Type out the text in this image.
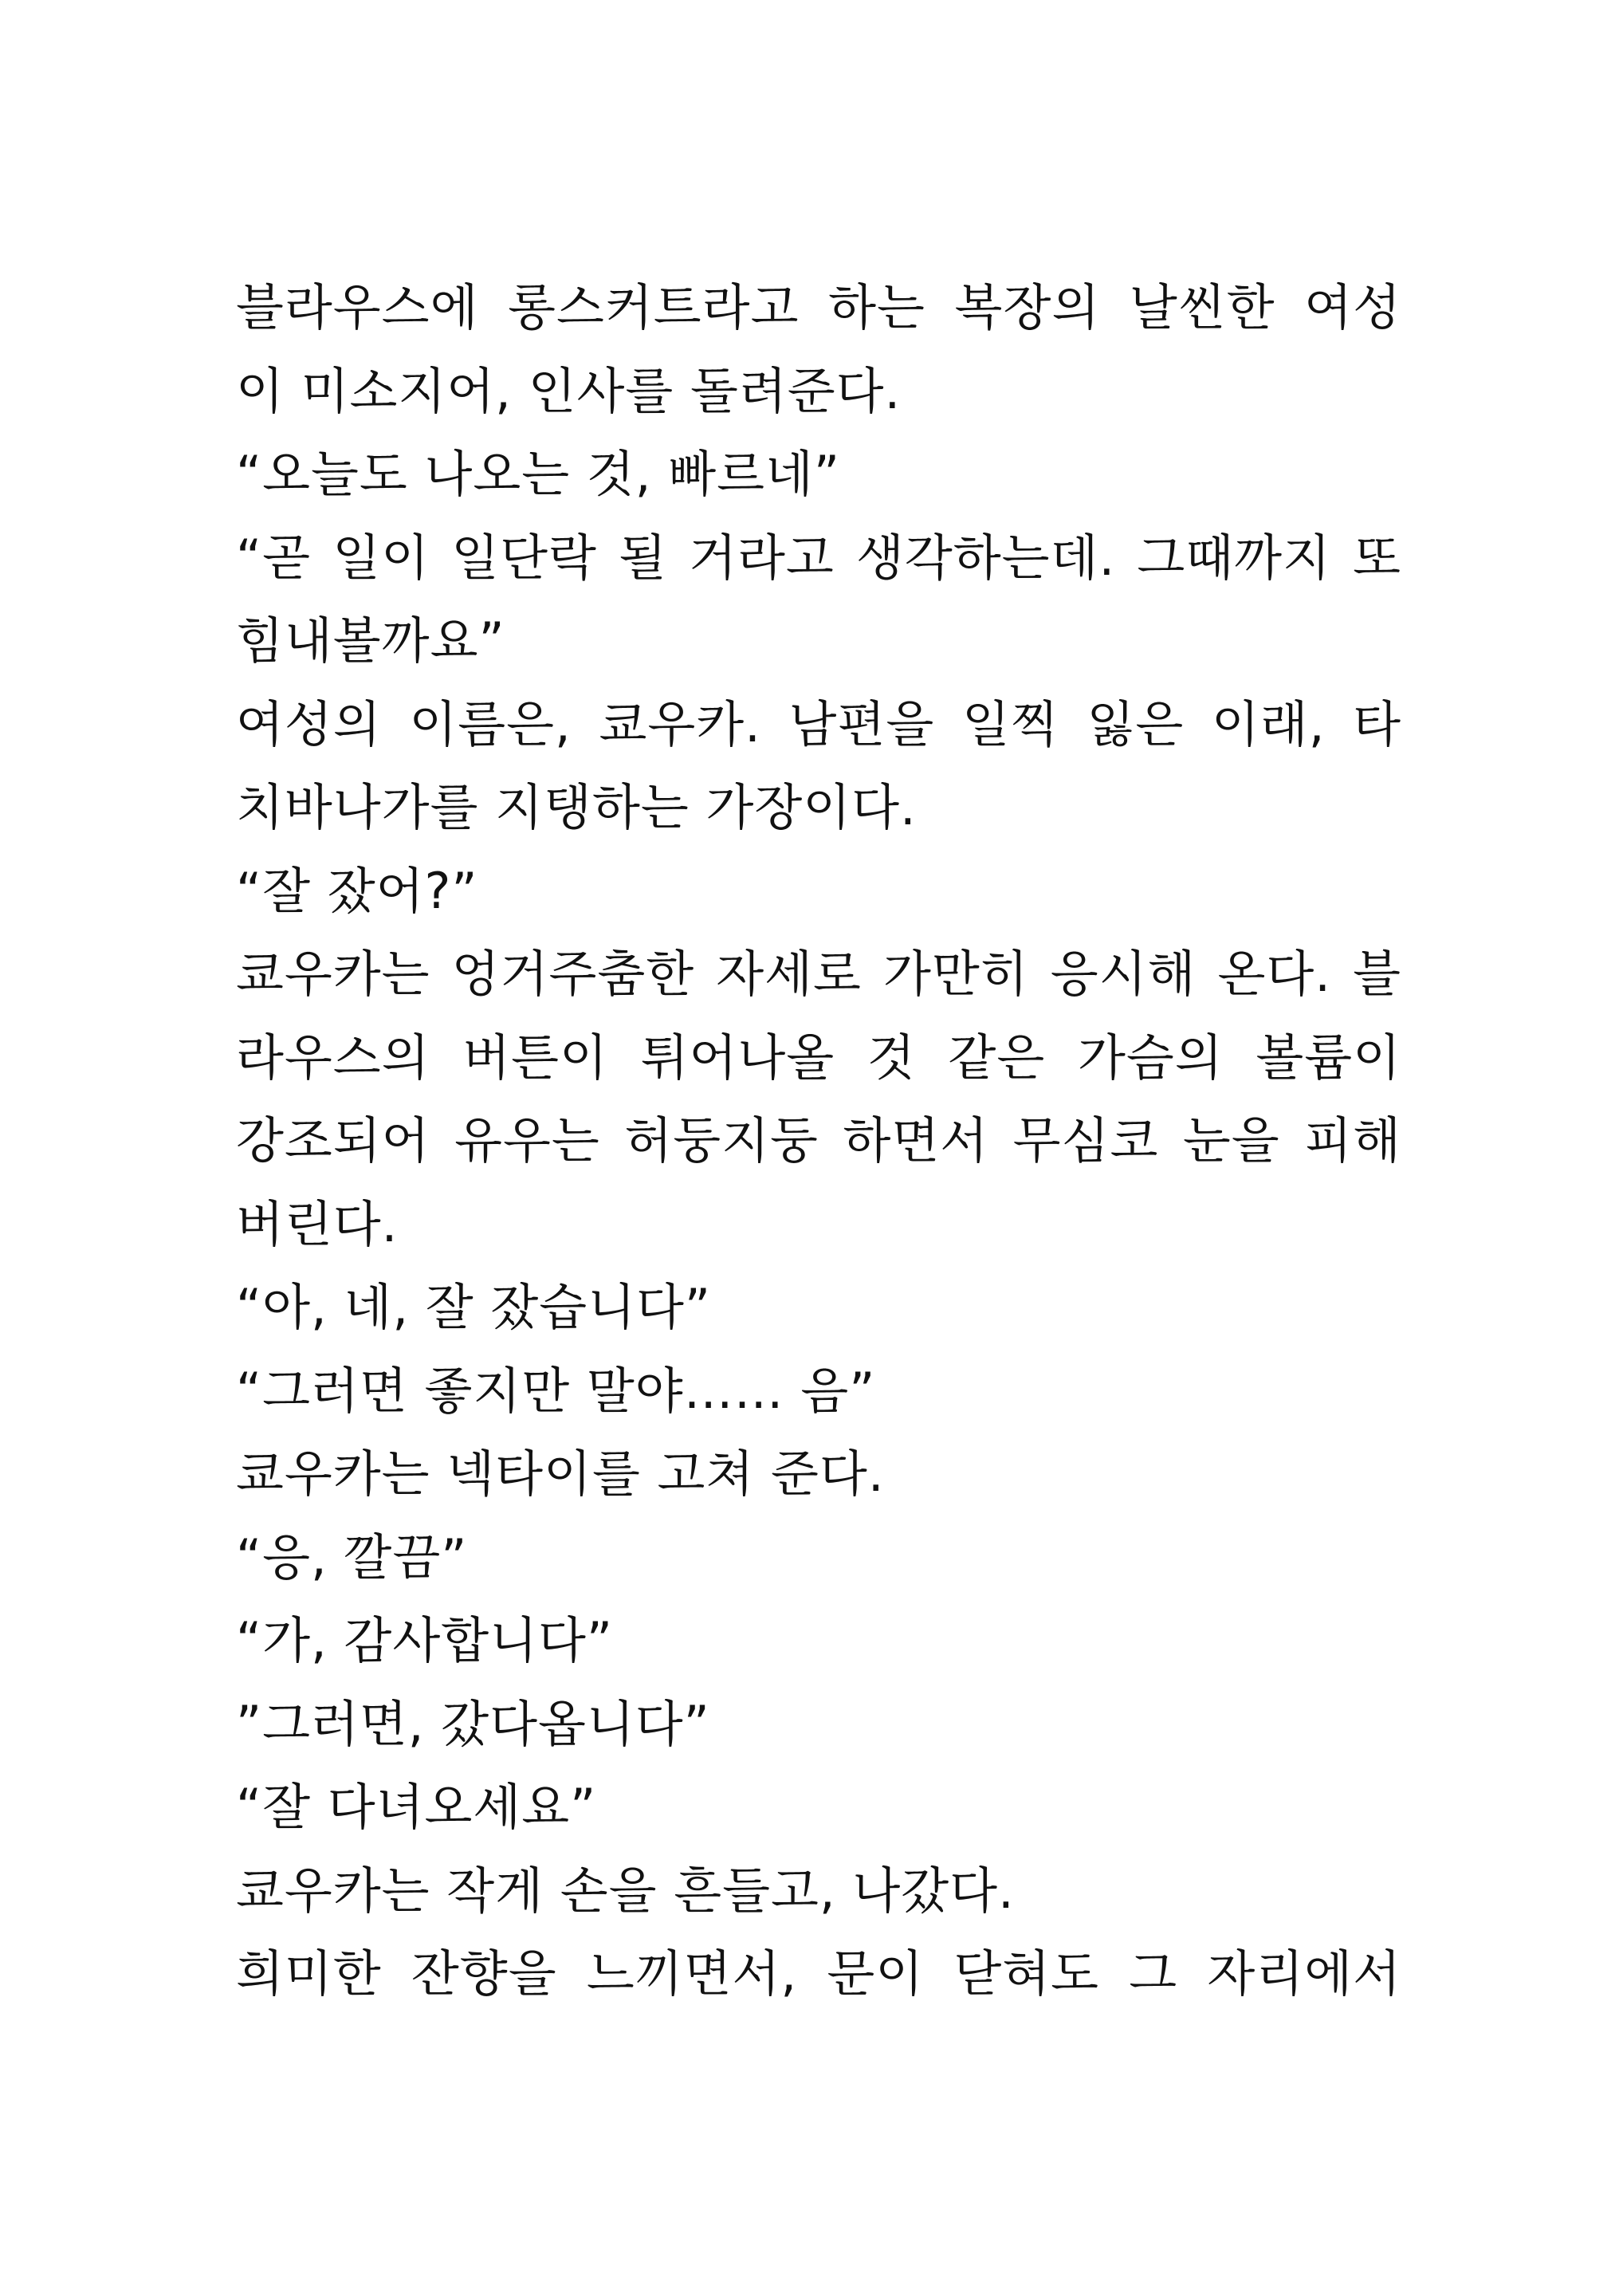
블라우스에 롱스커트라고 하는 복장의 날씬한 여성
이 미소지어, 인사를 돌려준다.
“오늘도 나오는 것, 빠르네”
“곧 일이 일단락 될 거라고 생각하는데. 그때까지 또
힘내볼까요”
여성의 이름은, 쿄우카. 남편을 일찍 잃은 이래, 타
치바나가를 지탱하는 가장이다.
“잘 잤어?”
쿄우카는 엉거주춤한 자세로 가만히 응시해 온다. 블
라우스의 버튼이 튀어나올 것 같은 가슴의 볼륨이
강조되어 유우는 허둥지둥 하면서 무심코 눈을 피해
버린다.
“아, 네, 잘 잤습니다”
“그러면 좋지만 말야…… 음”
쿄우카는 넥타이를 고쳐 준다.
“응, 깔끔”
“가, 감사합니다”
”그러면, 갔다옵니다”
“잘 다녀오세요”
쿄우카는 작게 손을 흔들고, 나갔다.
희미한 잔향을 느끼면서, 문이 닫혀도 그 자리에서
